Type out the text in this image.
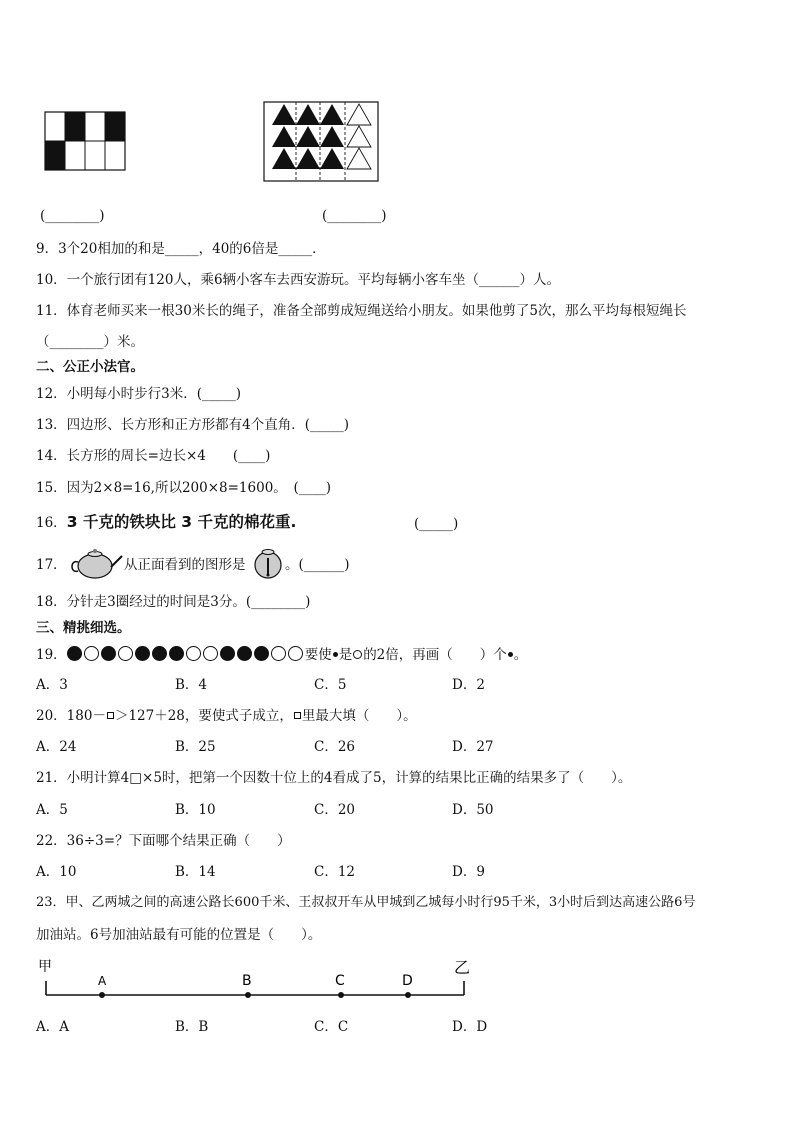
(________)	(________)
9．3个20相加的和是_____，40的6倍是_____．
10．一个旅行团有120人，乘6辆小客车去西安游玩。平均每辆小客车坐（______）人。
11．体育老师买来一根30米长的绳子，准备全部剪成短绳送给小朋友。如果他剪了5次，那么平均每根短绳长
（________）米。
二、公正小法官。
12．小明每小时步行3米．(_____)
13．四边形、长方形和正方形都有4个直角．(_____)
14．长方形的周长=边长×4　　(____)
15．因为2×8=16,所以200×8=1600。　(____)
16．3 千克的铁块比 3 千克的棉花重.	(_____)
17．	从正面看到的图形是	。(______)
18．分针走3圈经过的时间是3分。(________)
三、精挑细选。
19．	要使 是 的2倍，再画（　　）个 。
A．3	B．4	C．5	D．2
20．180－ ＞127＋28，要使式子成立， 里最大填（　　）。
A．24	B．25	C．26	D．27
21．小明计算4□×5时，把第一个因数十位上的4看成了5，计算的结果比正确的结果多了（　　）。
A．5	B．10	C．20	D．50
22．36÷3=？下面哪个结果正确（　　）
A．10	B．14	C．12	D．9
23．甲、乙两城之间的高速公路长600千米、王叔叔开车从甲城到乙城每小时行95千米，3小时后到达高速公路6号
加油站。6号加油站最有可能的位置是（　　）。
甲	乙
A	B	C	D
A．A	B．B	C．C	D．D
